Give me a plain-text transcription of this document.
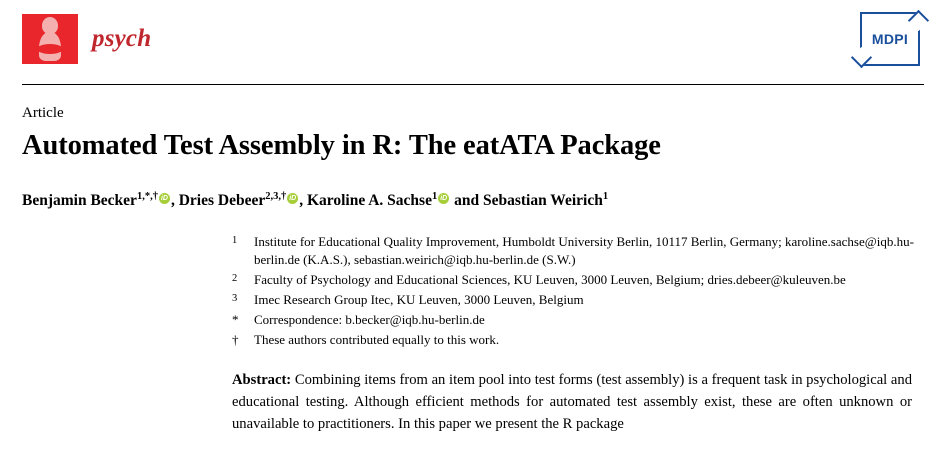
psych	MDPI
Article
Automated Test Assembly in R: The eatATA Package
Benjamin Becker$^{1,*,\dagger}$ iD , Dries Debeer$^{2,3,\dagger}$ iD , Karoline A. Sachse$^1$ iD and Sebastian Weirich$^1$
1	Institute for Educational Quality Improvement, Humboldt University Berlin, 10117 Berlin, Germany; karoline.sachse@iqb.hu-berlin.de (K.A.S.), sebastian.weirich@iqb.hu-berlin.de (S.W.)
2	Faculty of Psychology and Educational Sciences, KU Leuven, 3000 Leuven, Belgium; dries.debeer@kuleuven.be
3	Imec Research Group Itec, KU Leuven, 3000 Leuven, Belgium
*	Correspondence: b.becker@iqb.hu-berlin.de
†	These authors contributed equally to this work.
Abstract: Combining items from an item pool into test forms (test assembly) is a frequent task in psychological and educational testing. Although efficient methods for automated test assembly exist, these are often unknown or unavailable to practitioners. In this paper we present the R package
